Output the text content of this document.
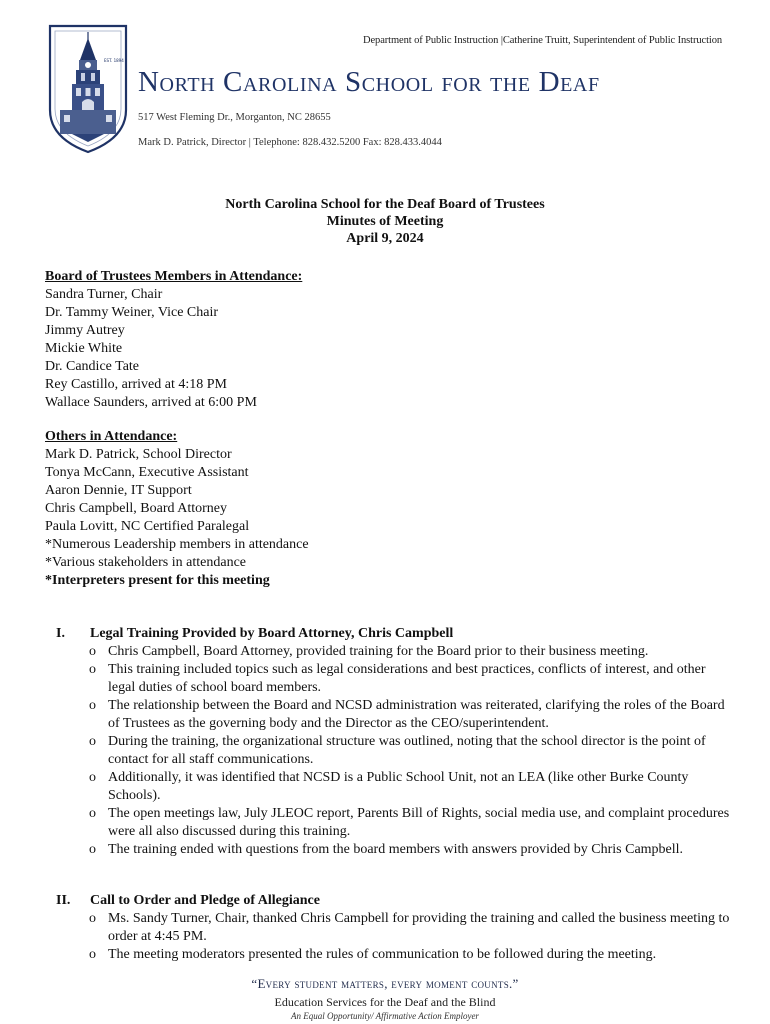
EST. 1894
Department of Public Instruction |Catherine Truitt, Superintendent of Public Instruction
North Carolina School for the Deaf
517 West Fleming Dr., Morganton, NC 28655
Mark D. Patrick, Director | Telephone: 828.432.5200 Fax: 828.433.4044
North Carolina School for the Deaf Board of Trustees
Minutes of Meeting
April 9, 2024
Board of Trustees Members in Attendance:
Sandra Turner, Chair
Dr. Tammy Weiner, Vice Chair
Jimmy Autrey
Mickie White
Dr. Candice Tate
Rey Castillo, arrived at 4:18 PM
Wallace Saunders, arrived at 6:00 PM
Others in Attendance:
Mark D. Patrick, School Director
Tonya McCann, Executive Assistant
Aaron Dennie, IT Support
Chris Campbell, Board Attorney
Paula Lovitt, NC Certified Paralegal
*Numerous Leadership members in attendance
*Various stakeholders in attendance
*Interpreters present for this meeting
I.	Legal Training Provided by Board Attorney, Chris Campbell
o Chris Campbell, Board Attorney, provided training for the Board prior to their business meeting.
o This training included topics such as legal considerations and best practices, conflicts of interest, and other legal duties of school board members.
o The relationship between the Board and NCSD administration was reiterated, clarifying the roles of the Board of Trustees as the governing body and the Director as the CEO/superintendent.
o During the training, the organizational structure was outlined, noting that the school director is the point of contact for all staff communications.
o Additionally, it was identified that NCSD is a Public School Unit, not an LEA (like other Burke County Schools).
o The open meetings law, July JLEOC report, Parents Bill of Rights, social media use, and complaint procedures were all also discussed during this training.
o The training ended with questions from the board members with answers provided by Chris Campbell.
II.	Call to Order and Pledge of Allegiance
o Ms. Sandy Turner, Chair, thanked Chris Campbell for providing the training and called the business meeting to order at 4:45 PM.
o The meeting moderators presented the rules of communication to be followed during the meeting.
“Every student matters, every moment counts.”
Education Services for the Deaf and the Blind
An Equal Opportunity/ Affirmative Action Employer
